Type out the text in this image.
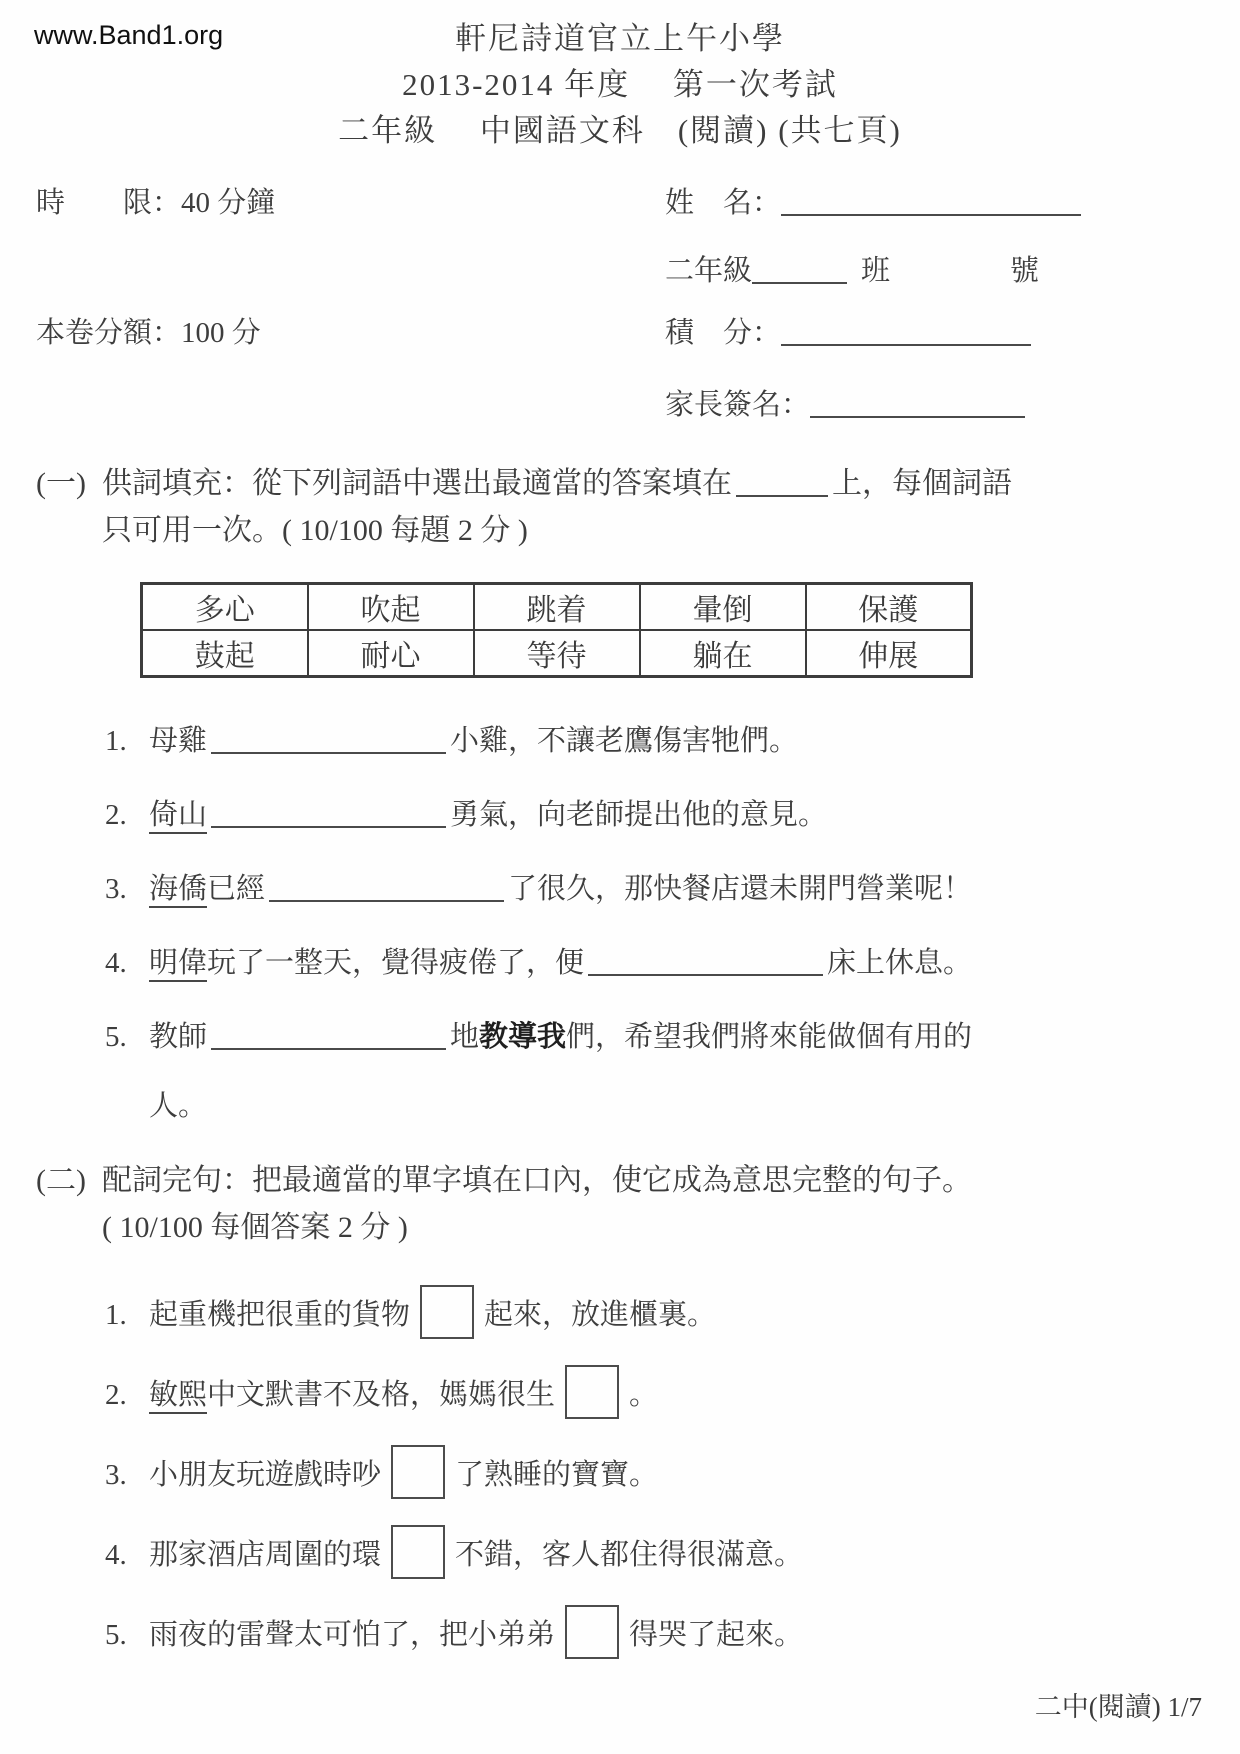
www.Band1.org	軒尼詩道官立上午小學
2013-2014 年度　 第一次考試
二年級　 中國語文科　(閱讀) (共七頁)
時　　限：40 分鐘	姓　名：
二年級	班	號
本卷分額：100 分	積　分：
家長簽名：
(一) 供詞填充：從下列詞語中選出最適當的答案填在	上，每個詞語
只可用一次。( 10/100 每題 2 分 )
多心	吹起	跳着	暈倒	保護
鼓起	耐心	等待	躺在	伸展
1. 母雞	小雞，不讓老鷹傷害牠們。
2. 倚山	勇氣，向老師提出他的意見。
3. 海僑已經	了很久，那快餐店還未開門營業呢！
4. 明偉玩了一整天，覺得疲倦了，便	床上休息。
5. 教師	地教導我們，希望我們將來能做個有用的
人。
(二) 配詞完句：把最適當的單字填在口內，使它成為意思完整的句子。
( 10/100 每個答案 2 分 )
1. 起重機把很重的貨物	起來，放進櫃裏。
2. 敏熙中文默書不及格，媽媽很生	。
3. 小朋友玩遊戲時吵	了熟睡的寶寶。
4. 那家酒店周圍的環	不錯，客人都住得很滿意。
5. 雨夜的雷聲太可怕了，把小弟弟	得哭了起來。
二中(閱讀) 1/7
